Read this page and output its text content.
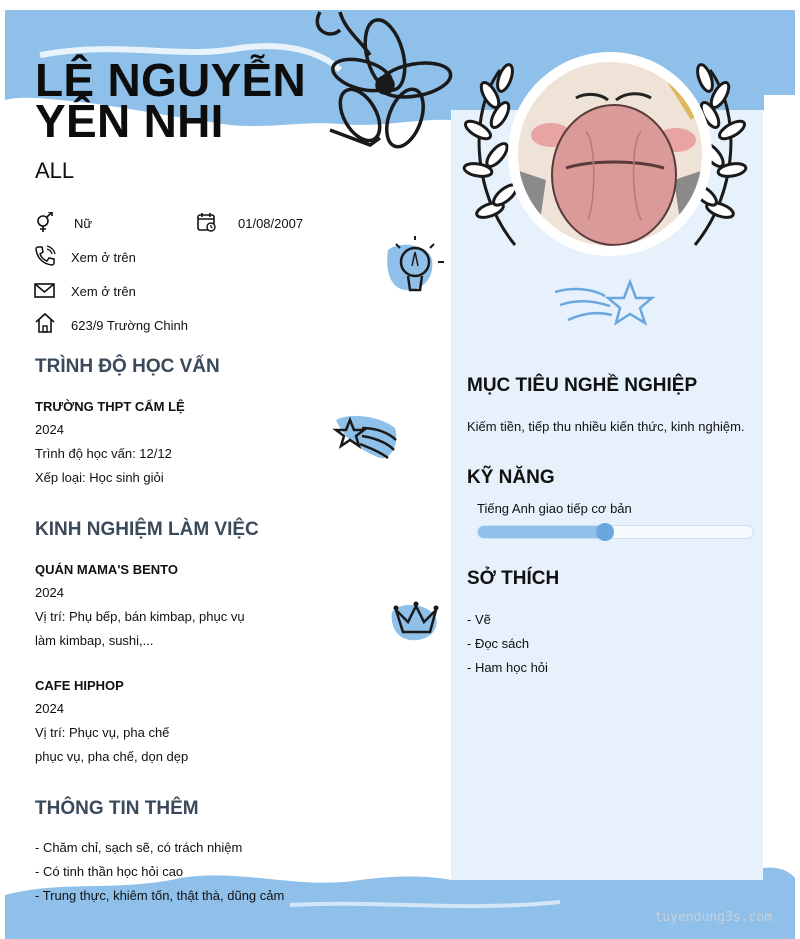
LÊ NGUYỄN
YÊN NHI
ALL
Nữ	01/08/2007
Xem ở trên
Xem ở trên
623/9 Trường Chinh
TRÌNH ĐỘ HỌC VẤN
TRƯỜNG THPT CẨM LỆ
2024
Trình độ học vấn: 12/12
Xếp loại: Học sinh giỏi
KINH NGHIỆM LÀM VIỆC
QUÁN MAMA'S BENTO
2024
Vị trí: Phụ bếp, bán kimbap, phục vụ
làm kimbap, sushi,...
CAFE HIPHOP
2024
Vị trí: Phục vụ, pha chế
phục vụ, pha chế, dọn dẹp
THÔNG TIN THÊM
- Chăm chỉ, sạch sẽ, có trách nhiệm
- Có tinh thần học hỏi cao
- Trung thực, khiêm tốn, thật thà, dũng cảm
MỤC TIÊU NGHỀ NGHIỆP
Kiếm tiền, tiếp thu nhiều kiến thức, kinh nghiệm.
KỸ NĂNG
Tiếng Anh giao tiếp cơ bản
SỞ THÍCH
- Vẽ
- Đọc sách
- Ham học hỏi
tuyendung3s.com
